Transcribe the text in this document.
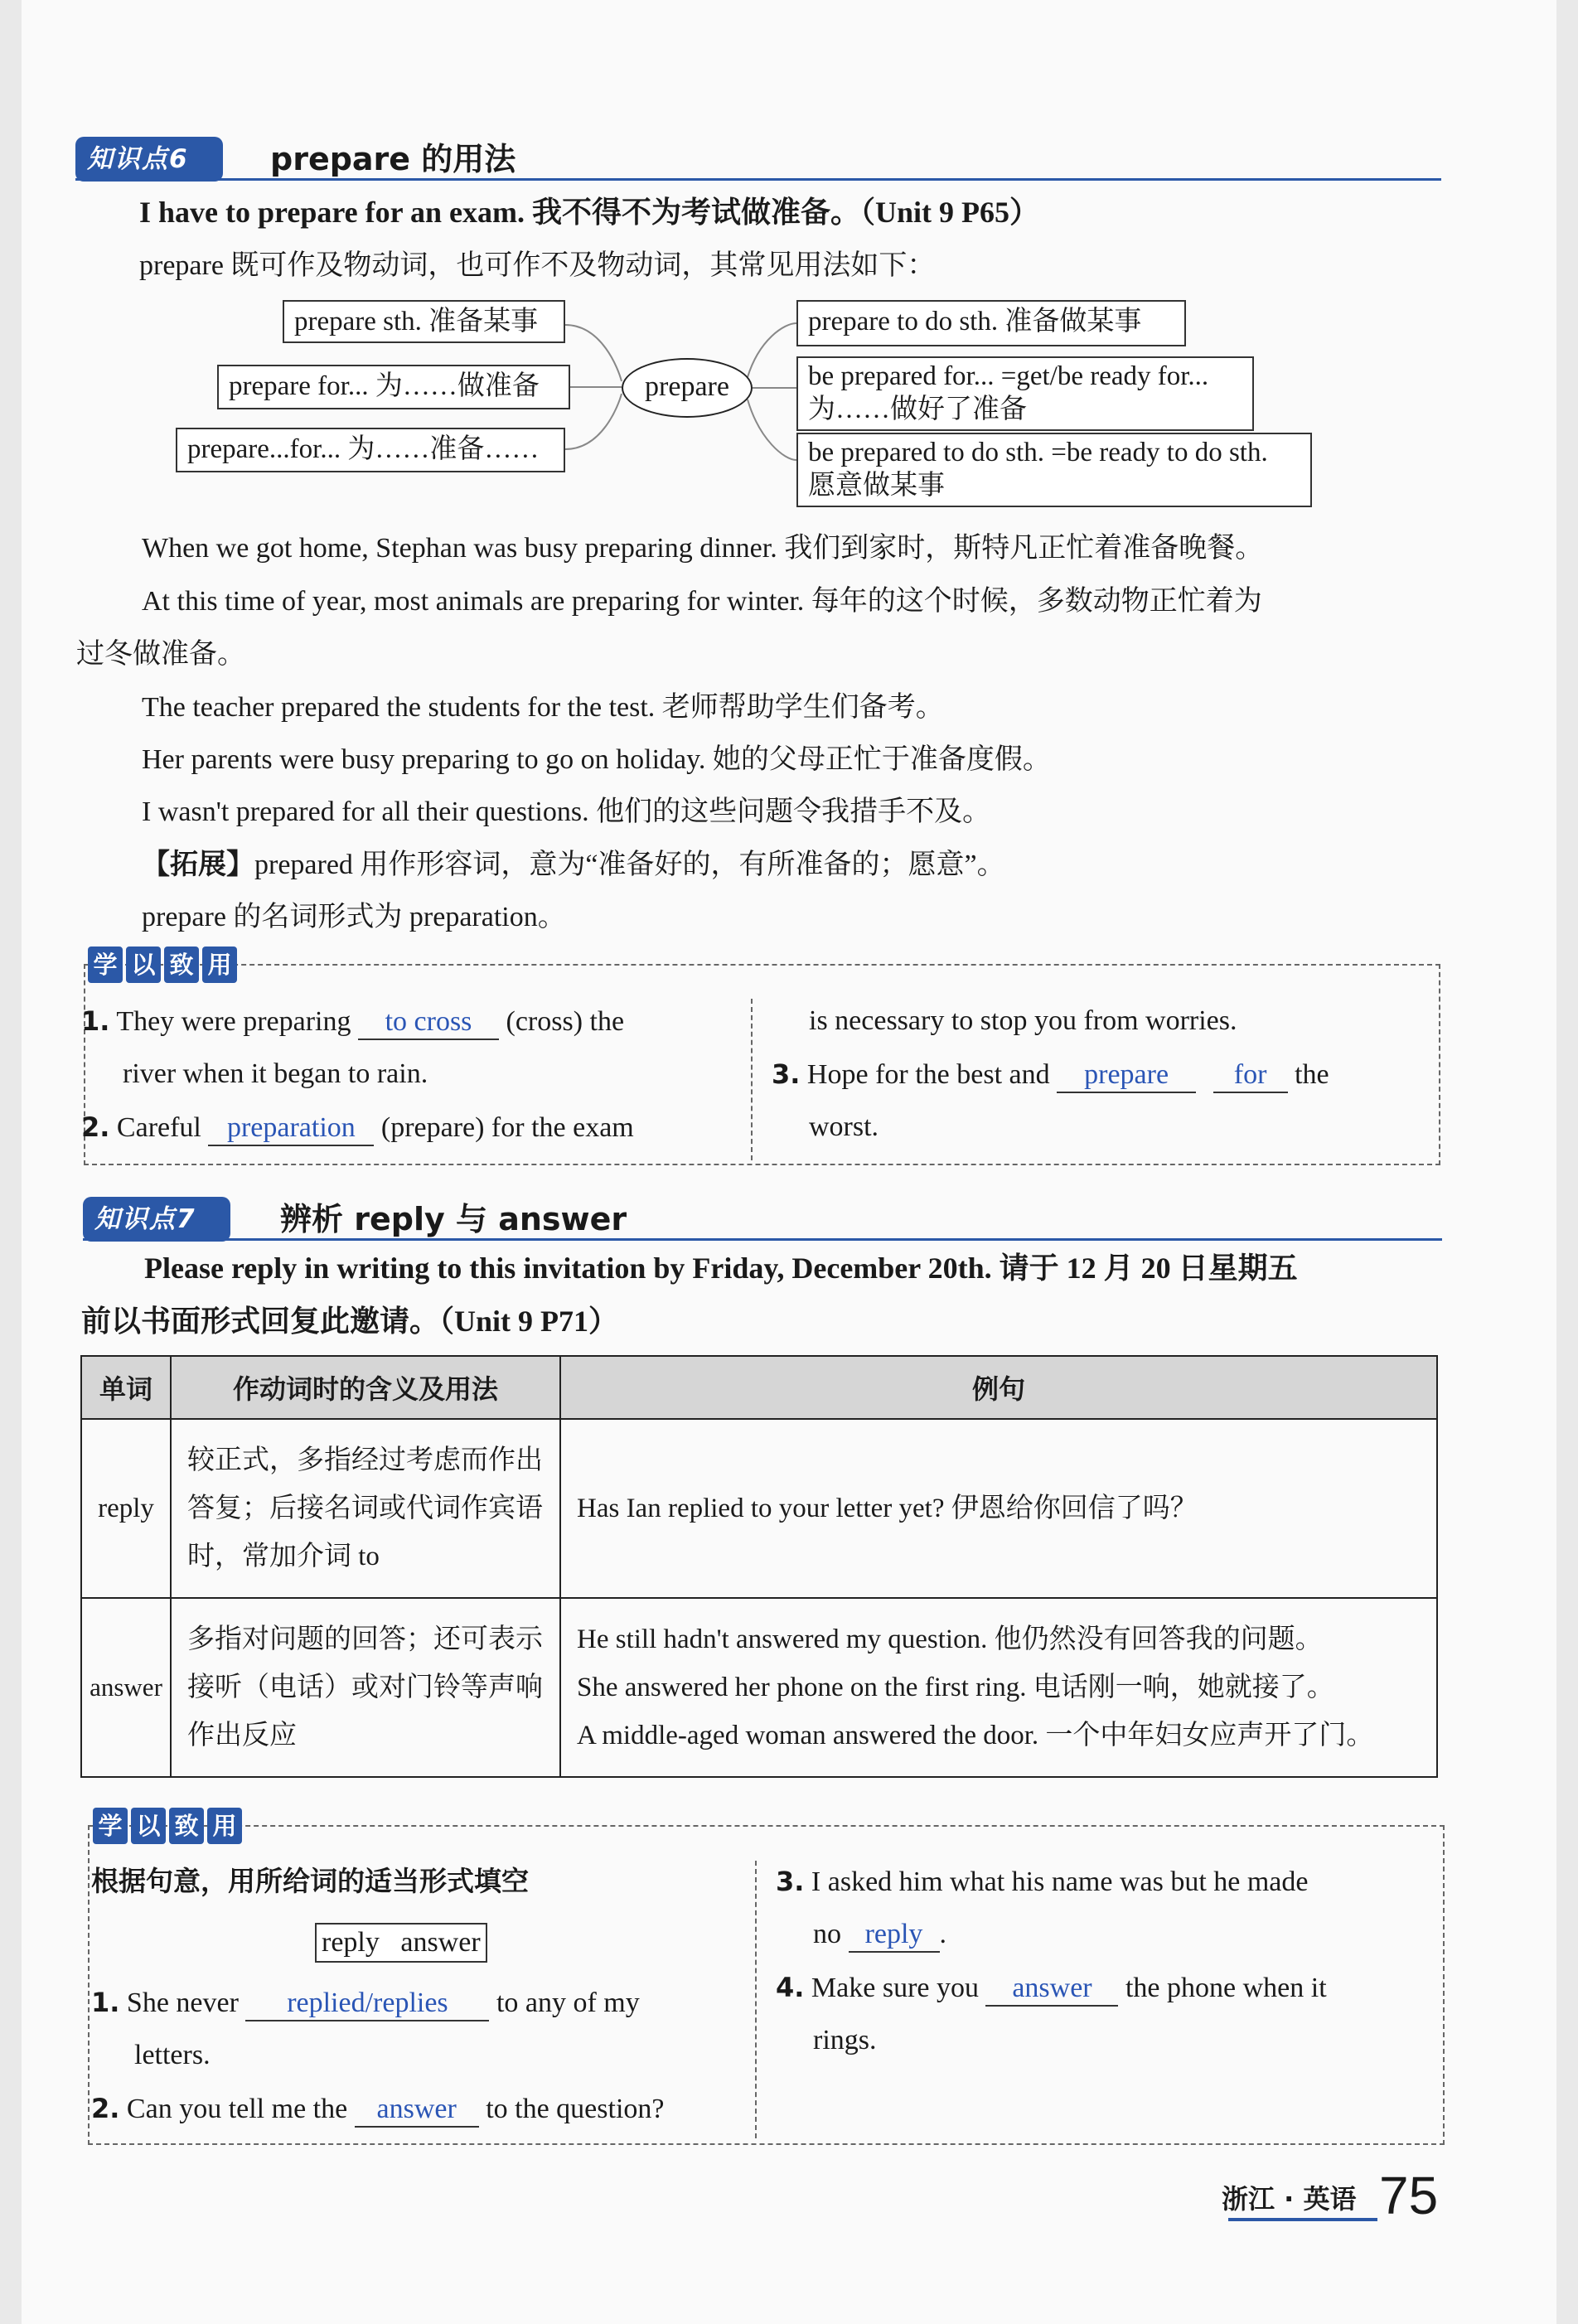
知识点6	prepare 的用法
I have to prepare for an exam. 我不得不为考试做准备。（Unit 9 P65）
prepare 既可作及物动词，也可作不及物动词，其常见用法如下：
prepare sth. 准备某事
prepare for... 为……做准备
prepare...for... 为……准备……
prepare
prepare to do sth. 准备做某事
be prepared for... =get/be ready for...
为……做好了准备
be prepared to do sth. =be ready to do sth.
愿意做某事
When we got home, Stephan was busy preparing dinner. 我们到家时，斯特凡正忙着准备晚餐。
At this time of year, most animals are preparing for winter. 每年的这个时候，多数动物正忙着为
过冬做准备。
The teacher prepared the students for the test. 老师帮助学生们备考。
Her parents were busy preparing to go on holiday. 她的父母正忙于准备度假。
I wasn't prepared for all their questions. 他们的这些问题令我措手不及。
【拓展】prepared 用作形容词，意为“准备好的，有所准备的；愿意”。
prepare 的名词形式为 preparation。
学 以 致 用
1. They were preparing to cross (cross) the
river when it began to rain.
2. Careful preparation (prepare) for the exam
is necessary to stop you from worries.
3. Hope for the best and prepare for the
worst.
知识点7	辨析 reply 与 answer
Please reply in writing to this invitation by Friday, December 20th. 请于 12 月 20 日星期五
前以书面形式回复此邀请。（Unit 9 P71）
单词	作动词时的含义及用法	例句
reply	较正式，多指经过考虑而作出答复；后接名词或代词作宾语时，常加介词 to	Has Ian replied to your letter yet? 伊恩给你回信了吗？

answer	多指对问题的回答；还可表示接听（电话）或对门铃等声响作出反应	He still hadn't answered my question. 他仍然没有回答我的问题。
She answered her phone on the first ring. 电话刚一响，她就接了。
A middle-aged woman answered the door. 一个中年妇女应声开了门。
学 以 致 用
根据句意，用所给词的适当形式填空
reply   answer
1. She never replied/replies to any of my
letters.
2. Can you tell me the answer to the question?
3. I asked him what his name was but he made
no reply .
4. Make sure you answer the phone when it
rings.
浙江 · 英语 75
